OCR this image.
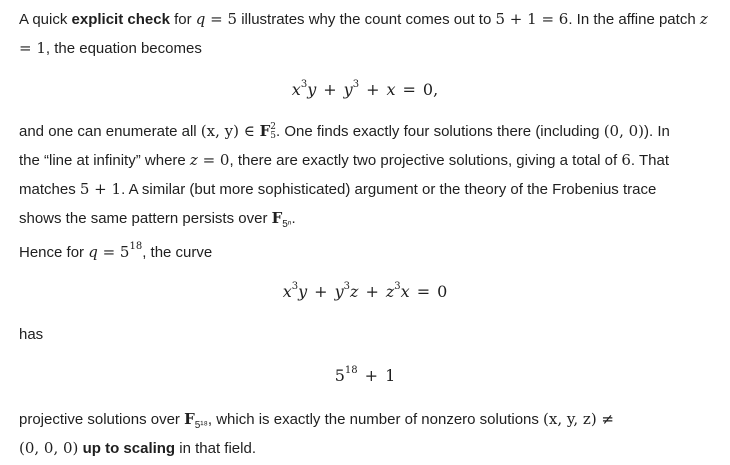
A quick explicit check for q = 5 illustrates why the count comes out to 5 + 1 = 6. In the affine patch z = 1, the equation becomes

$x^3y + y^3 + x = 0$,

and one can enumerate all (x, y) ∈ F 2
5 . One finds exactly four solutions there (including (0, 0)). In
the “line at infinity” where z = 0, there are exactly two projective solutions, giving a total of 6. That
matches 5 + 1. A similar (but more sophisticated) argument or the theory of the Frobenius trace
shows the same pattern persists over $F_{5^n}$.

Hence for $q = 5^{18}$, the curve

$x^3y + y^3z + z^3x = 0$

has

$5^{18} + 1$

projective solutions over $F_{5^{18}}$, which is exactly the number of nonzero solutions (x, y, z) ≠
(0, 0, 0) up to scaling in that field.
